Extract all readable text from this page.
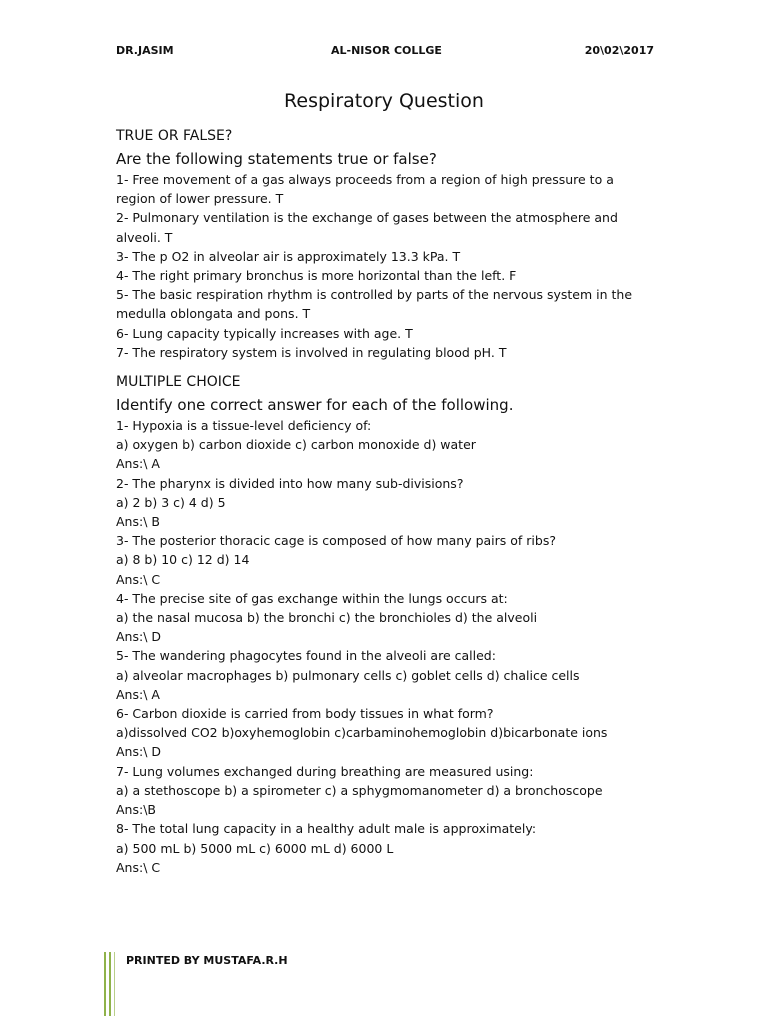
DR.JASIM	AL-NISOR COLLGE	20\02\2017
Respiratory Question

TRUE OR FALSE?

Are the following statements true or false?

1- Free movement of a gas always proceeds from a region of high pressure to a

region of lower pressure. T

2- Pulmonary ventilation is the exchange of gases between the atmosphere and

alveoli. T

3- The p O2 in alveolar air is approximately 13.3 kPa. T

4- The right primary bronchus is more horizontal than the left. F

5- The basic respiration rhythm is controlled by parts of the nervous system in the

medulla oblongata and pons. T

6- Lung capacity typically increases with age. T

7- The respiratory system is involved in regulating blood pH. T

MULTIPLE CHOICE

Identify one correct answer for each of the following.

1- Hypoxia is a tissue-level deficiency of:

a) oxygen b) carbon dioxide c) carbon monoxide d) water

Ans:\ A

2- The pharynx is divided into how many sub-divisions?

a) 2 b) 3 c) 4 d) 5

Ans:\ B

3- The posterior thoracic cage is composed of how many pairs of ribs?

a) 8 b) 10 c) 12 d) 14

Ans:\ C

4- The precise site of gas exchange within the lungs occurs at:

a) the nasal mucosa b) the bronchi c) the bronchioles d) the alveoli

Ans:\ D

5- The wandering phagocytes found in the alveoli are called:

a) alveolar macrophages b) pulmonary cells c) goblet cells d) chalice cells

Ans:\ A

6- Carbon dioxide is carried from body tissues in what form?

a)dissolved CO2 b)oxyhemoglobin c)carbaminohemoglobin d)bicarbonate ions

Ans:\ D

7- Lung volumes exchanged during breathing are measured using:

a) a stethoscope b) a spirometer c) a sphygmomanometer d) a bronchoscope

Ans:\B

8- The total lung capacity in a healthy adult male is approximately:

a) 500 mL b) 5000 mL c) 6000 mL d) 6000 L

Ans:\ C

PRINTED BY MUSTAFA.R.H
